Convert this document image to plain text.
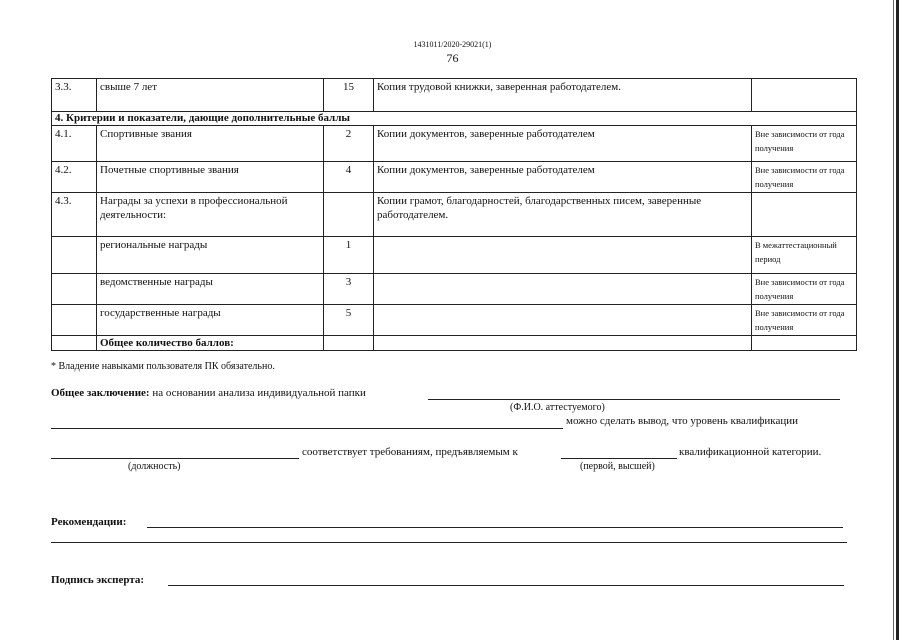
1431011/2020-29021(1)
76
3.3.	свыше 7 лет	15	Копия трудовой книжки, заверенная работодателем.	
4. Критерии и показатели, дающие дополнительные баллы				
4.1.	Спортивные звания	2	Копии документов, заверенные работодателем	Вне зависимости от года получения
4.2.	Почетные спортивные звания	4	Копии документов, заверенные работодателем	Вне зависимости от года получения
4.3.	Награды за успехи в профессиональной деятельности:		Копии грамот, благодарностей, благодарственных писем, заверенные работодателем.	
	региональные награды	1		В межаттестационный период
	ведомственные награды	3		Вне зависимости от года получения
	государственные награды	5		Вне зависимости от года получения
	Общее количество баллов:			
* Владение навыками пользователя ПК обязательно.
Общее заключение: на основании анализа индивидуальной папки
(Ф.И.О. аттестуемого)
можно сделать вывод, что уровень квалификации
соответствует требованиям, предъявляемым к	квалификационной категории.
(должность)	(первой, высшей)
Рекомендации:
Подпись эксперта:
